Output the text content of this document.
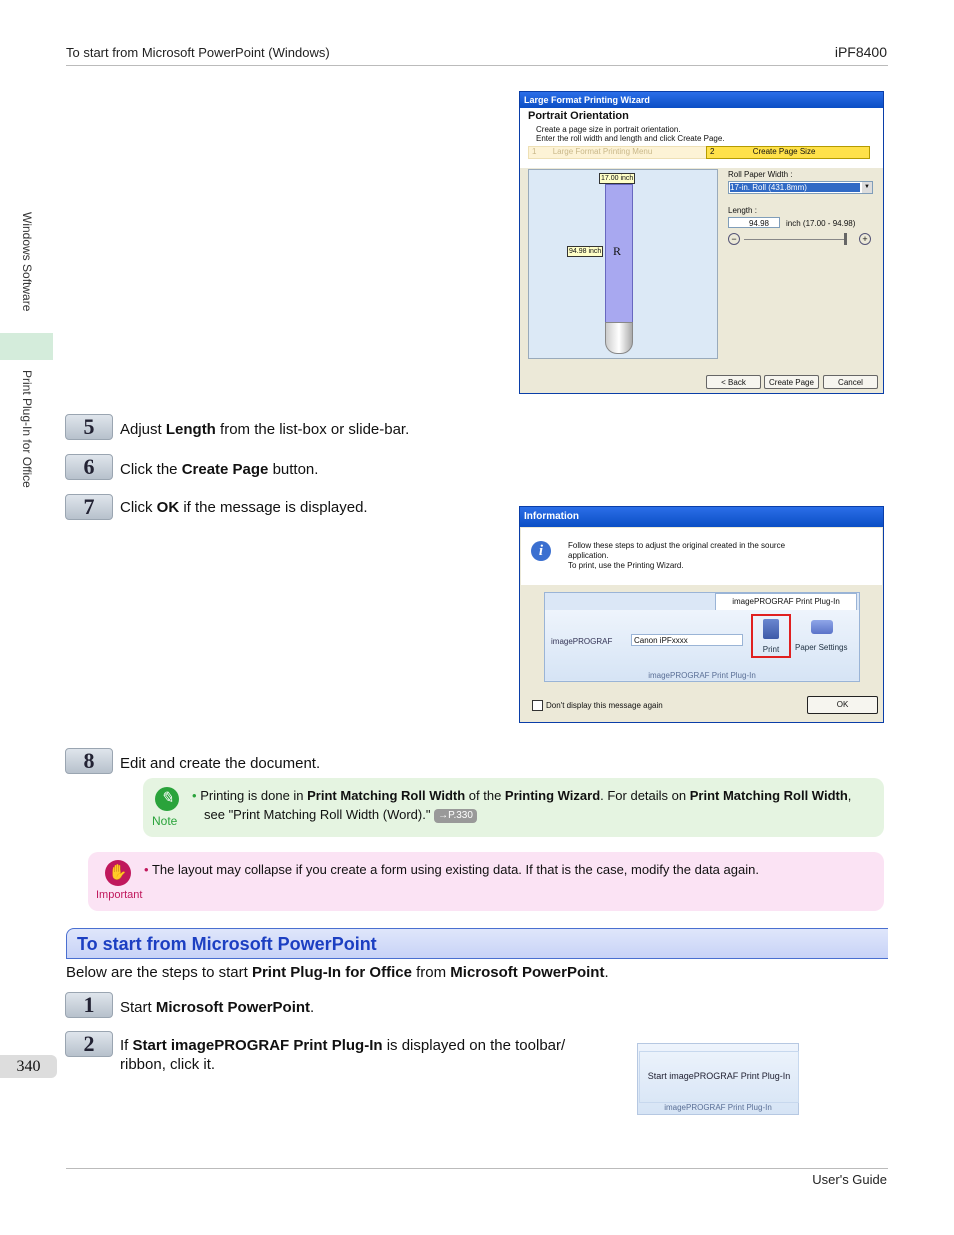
To start from Microsoft PowerPoint (Windows)	iPF8400
User's Guide
340
Windows Software
Print Plug-In for Office
Large Format Printing Wizard
Portrait Orientation
Create a page size in portrait orientation.
Enter the roll width and length and click Create Page.
1 Large Format Printing Menu	2	Create Page Size
17.00 inch
94.98 inch R
Roll Paper Width :
17-in. Roll (431.8mm)	▼
Length :
94.98	inch (17.00 - 94.98)
−	+
< Back	Create Page	Cancel
5	Adjust Length from the list-box or slide-bar.
6	Click the Create Page button.
7	Click OK if the message is displayed.
Information
i	Follow these steps to adjust the original created in the source
application.
To print, use the Printing Wizard.
imagePROGRAF Print Plug-In
imagePROGRAF	Canon iPFxxxx
Print	Paper Settings
imagePROGRAF Print Plug-In
Don't display this message again	OK
8	Edit and create the document.
✎
Note
• Printing is done in Print Matching Roll Width of the Printing Wizard. For details on Print Matching Roll Width,
see "Print Matching Roll Width (Word)." →P.330
✋
Important
• The layout may collapse if you create a form using existing data. If that is the case, modify the data again.
To start from Microsoft PowerPoint
Below are the steps to start Print Plug-In for Office from Microsoft PowerPoint.
1	Start Microsoft PowerPoint.
2	If Start imagePROGRAF Print Plug-In is displayed on the toolbar/
ribbon, click it.
Start imagePROGRAF Print Plug-In
imagePROGRAF Print Plug-In
